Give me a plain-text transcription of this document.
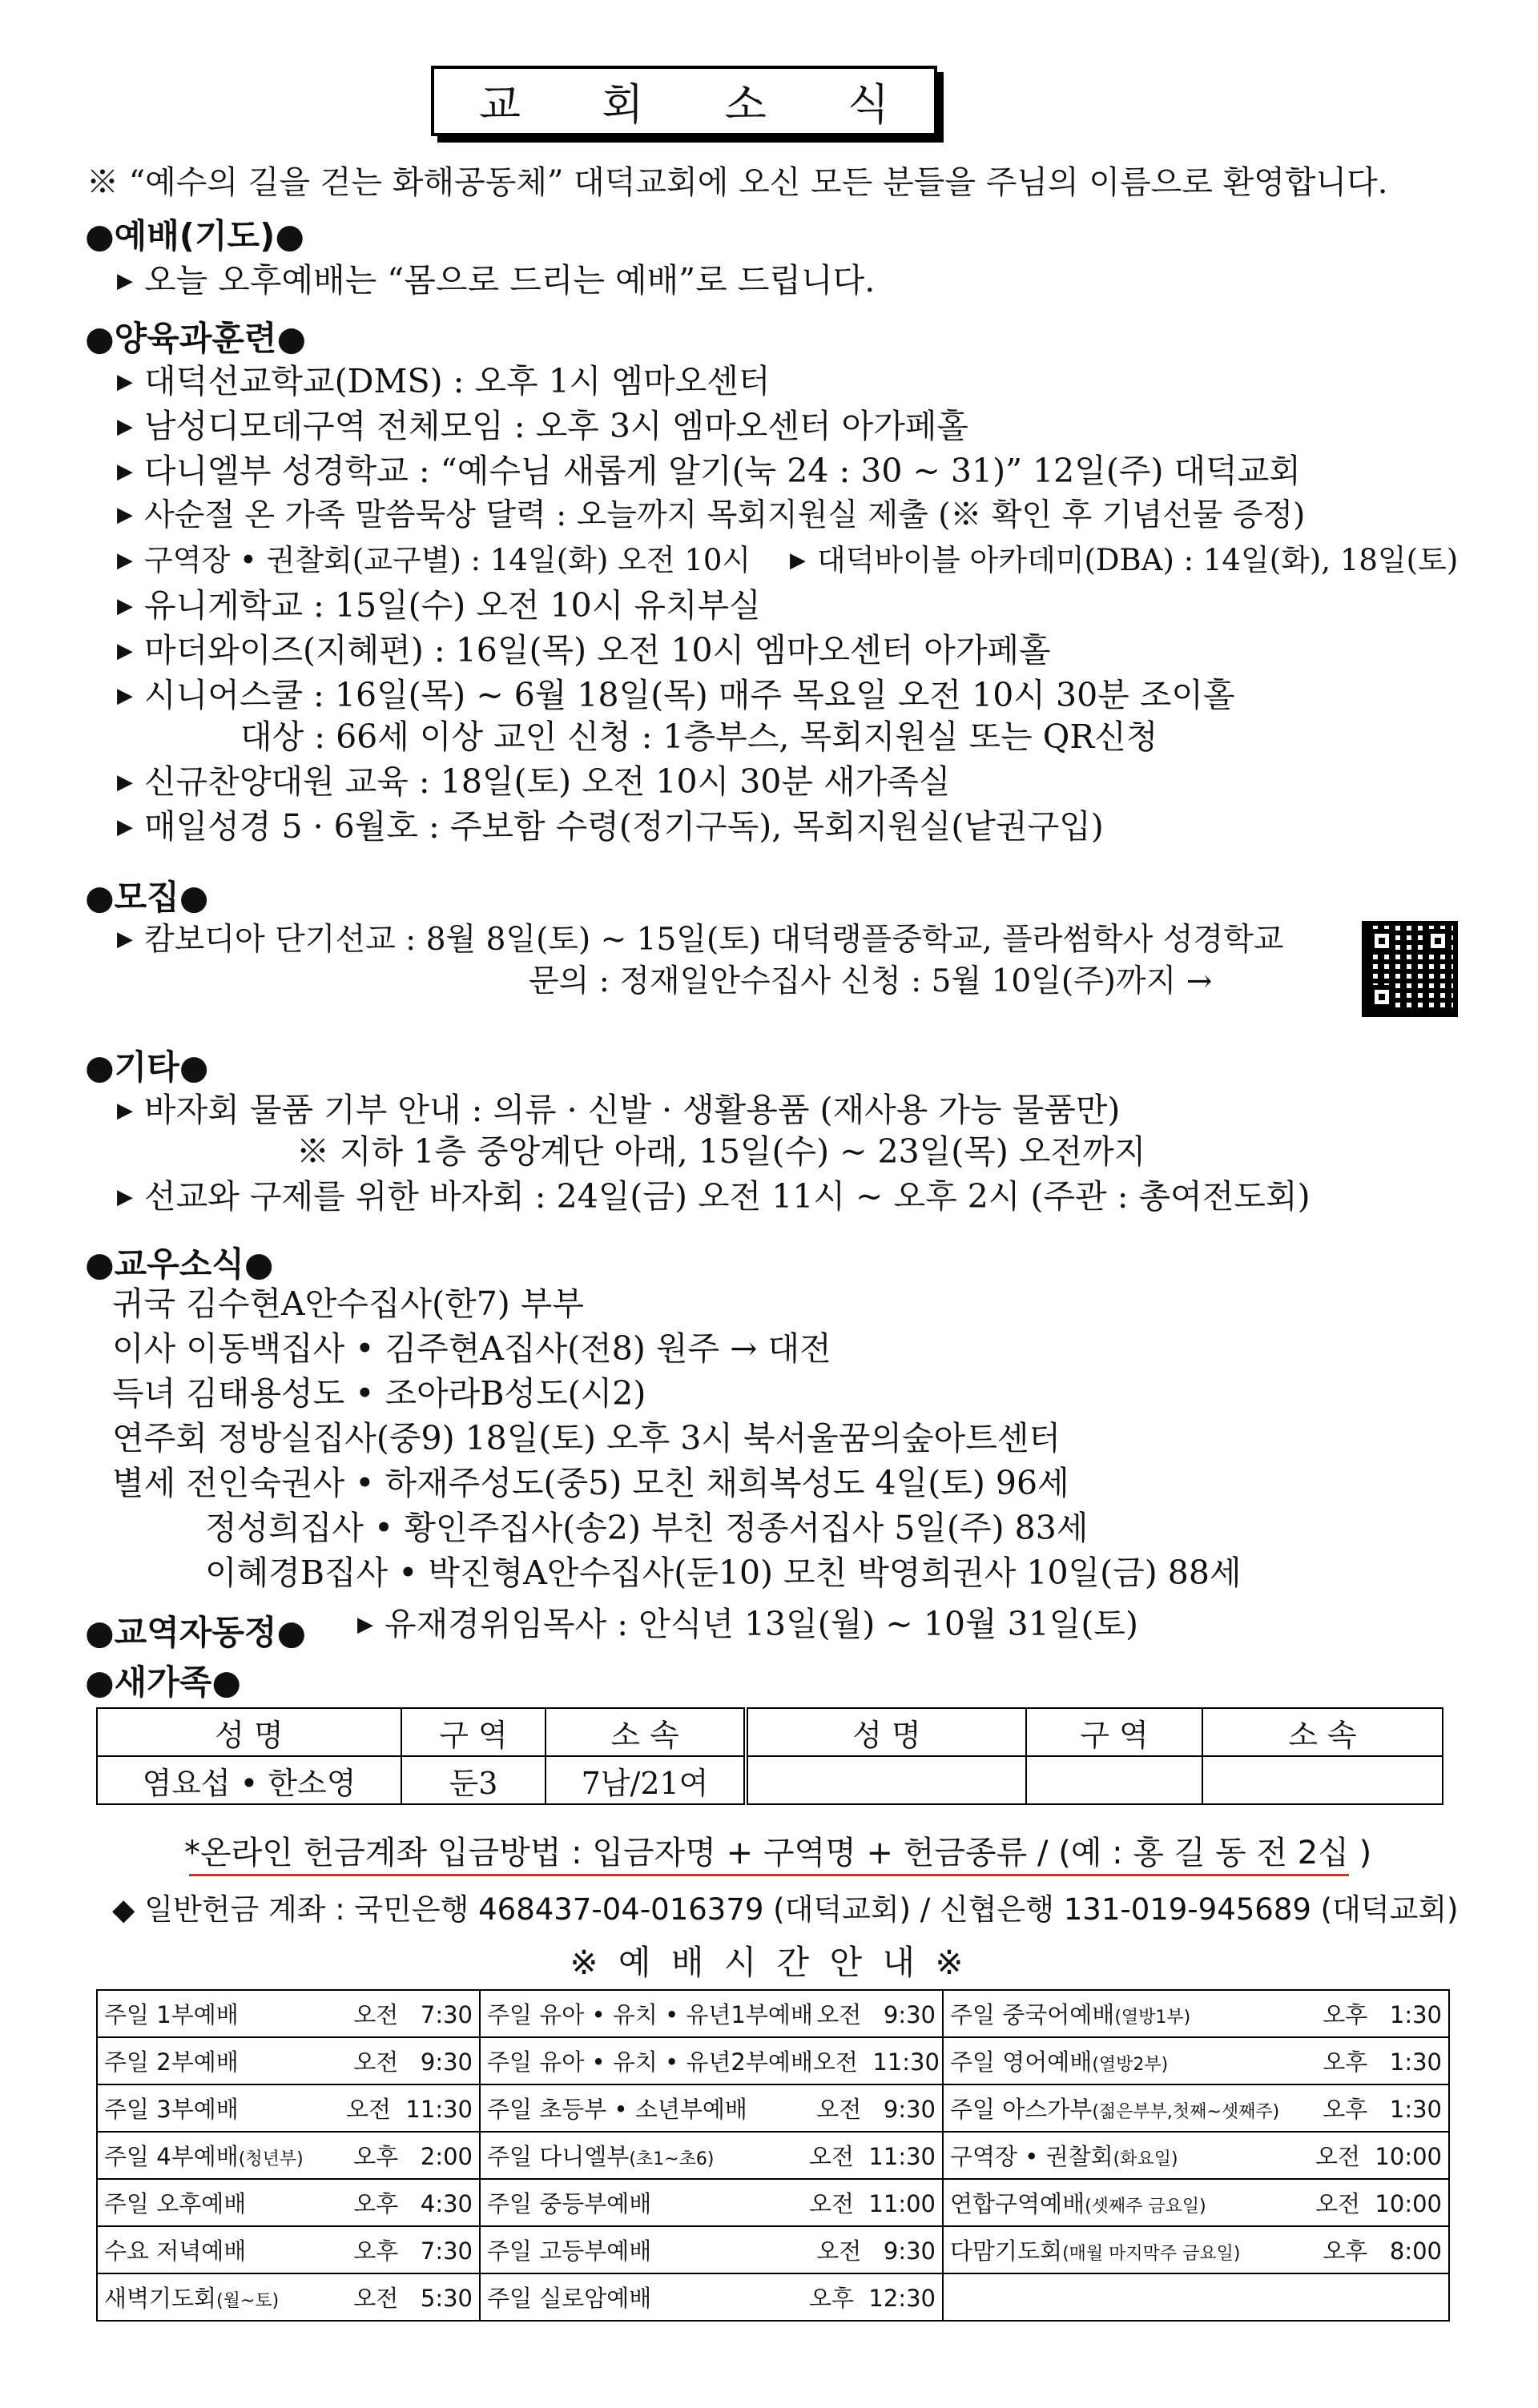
교 회 소 식
※ “예수의 길을 걷는 화해공동체” 대덕교회에 오신 모든 분들을 주님의 이름으로 환영합니다.
●예배(기도)●
▶ 오늘 오후예배는 “몸으로 드리는 예배”로 드립니다.
●양육과훈련●
▶ 대덕선교학교(DMS) : 오후 1시 엠마오센터
▶ 남성디모데구역 전체모임 : 오후 3시 엠마오센터 아가페홀
▶ 다니엘부 성경학교 : “예수님 새롭게 알기(눅 24 : 30 ~ 31)” 12일(주) 대덕교회
▶ 사순절 온 가족 말씀묵상 달력 : 오늘까지 목회지원실 제출 (※ 확인 후 기념선물 증정)
▶ 구역장 • 권찰회(교구별) : 14일(화) 오전 10시 ▶ 대덕바이블 아카데미(DBA) : 14일(화), 18일(토)
▶ 유니게학교 : 15일(수) 오전 10시 유치부실
▶ 마더와이즈(지혜편) : 16일(목) 오전 10시 엠마오센터 아가페홀
▶ 시니어스쿨 : 16일(목) ~ 6월 18일(목) 매주 목요일 오전 10시 30분 조이홀
대상 : 66세 이상 교인 신청 : 1층부스, 목회지원실 또는 QR신청
▶ 신규찬양대원 교육 : 18일(토) 오전 10시 30분 새가족실
▶ 매일성경 5 · 6월호 : 주보함 수령(정기구독), 목회지원실(낱권구입)
●모집●
▶ 캄보디아 단기선교 : 8월 8일(토) ~ 15일(토) 대덕랭플중학교, 플라썸학사 성경학교
문의 : 정재일안수집사 신청 : 5월 10일(주)까지 →
●기타●
▶ 바자회 물품 기부 안내 : 의류 · 신발 · 생활용품 (재사용 가능 물품만)
※ 지하 1층 중앙계단 아래, 15일(수) ~ 23일(목) 오전까지
▶ 선교와 구제를 위한 바자회 : 24일(금) 오전 11시 ~ 오후 2시 (주관 : 총여전도회)
●교우소식●
귀국 김수현A안수집사(한7) 부부
이사 이동백집사 • 김주현A집사(전8) 원주 → 대전
득녀 김태용성도 • 조아라B성도(시2)
연주회 정방실집사(중9) 18일(토) 오후 3시 북서울꿈의숲아트센터
별세 전인숙권사 • 하재주성도(중5) 모친 채희복성도 4일(토) 96세
정성희집사 • 황인주집사(송2) 부친 정종서집사 5일(주) 83세
이혜경B집사 • 박진형A안수집사(둔10) 모친 박영희권사 10일(금) 88세
●교역자동정● ▶ 유재경위임목사 : 안식년 13일(월) ~ 10월 31일(토)
●새가족●
성 명	구 역	소 속	성 명	구 역	소 속
염요섭 • 한소영	둔3	7남/21여			
*온라인 헌금계좌 입금방법 : 입금자명 + 구역명 + 헌금종류 / (예 : 홍 길 동 전 2십 )
◆ 일반헌금 계좌 : 국민은행 468437-04-016379 (대덕교회) / 신협은행 131-019-945689 (대덕교회)
※ 예 배 시 간 안 내 ※
주일 1부예배 오전   7:30	주일 유아 • 유치 • 유년1부예배 오전   9:30	주일 중국어예배(열방1부) 오후   1:30

주일 2부예배 오전   9:30	주일 유아 • 유치 • 유년2부예배 오전  11:30	주일 영어예배(열방2부) 오후   1:30

주일 3부예배 오전  11:30	주일 초등부 • 소년부예배 오전   9:30	주일 아스가부(젊은부부,첫째~셋째주) 오후   1:30

주일 4부예배(청년부) 오후   2:00	주일 다니엘부(초1~초6) 오전  11:30	구역장 • 권찰회(화요일) 오전  10:00

주일 오후예배 오후   4:30	주일 중등부예배 오전  11:00	연합구역예배(셋째주 금요일) 오전  10:00

수요 저녁예배 오후   7:30	주일 고등부예배 오전   9:30	다맘기도회(매월 마지막주 금요일) 오후   8:00

새벽기도회(월~토) 오전   5:30	주일 실로암예배 오후  12:30	
